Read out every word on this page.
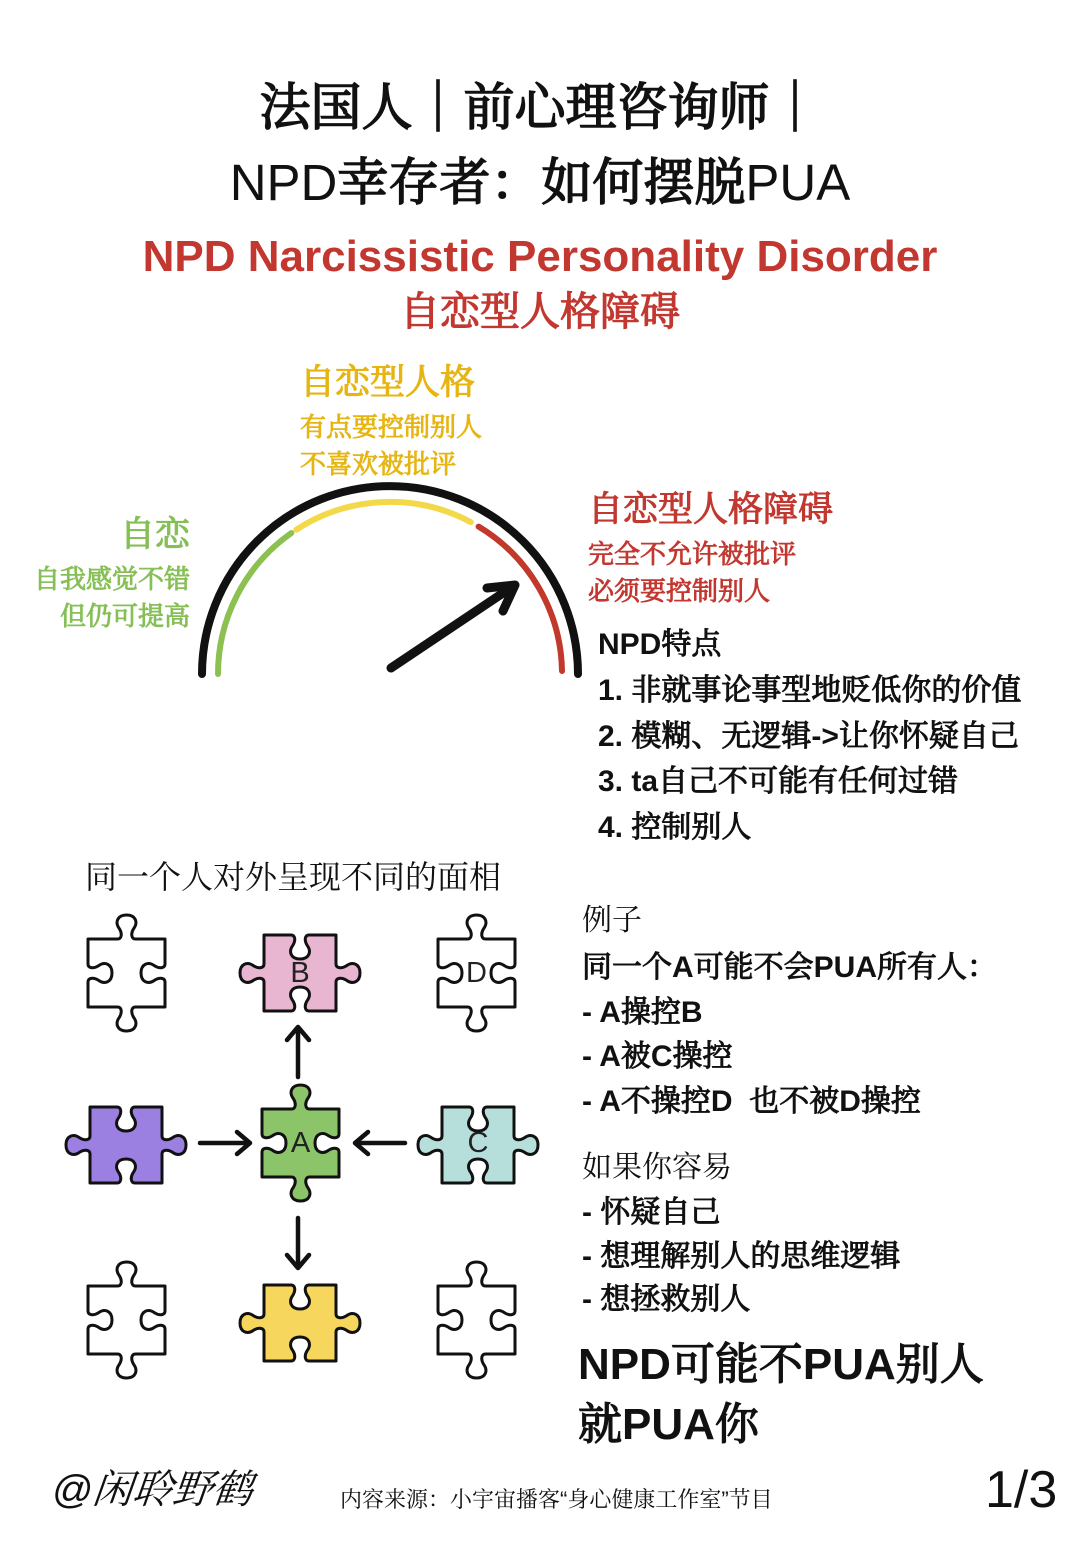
B	D
A	C
法国人｜前心理咨询师｜
NPD幸存者：如何摆脱PUA
NPD Narcissistic Personality Disorder
自恋型人格障碍
自恋
自我感觉不错
但仍可提高
自恋型人格
有点要控制别人
不喜欢被批评
自恋型人格障碍
完全不允许被批评
必须要控制别人
NPD特点
1. 非就事论事型地贬低你的价值
2. 模糊、无逻辑->让你怀疑自己
3. ta自己不可能有任何过错
4. 控制别人
同一个人对外呈现不同的面相
例子
同一个A可能不会PUA所有人：
- A操控B
- A被C操控
- A不操控D  也不被D操控
如果你容易
- 怀疑自己
- 想理解别人的思维逻辑
- 想拯救别人
NPD可能不PUA别人
就PUA你
@闲聆野鹤	内容来源：小宇宙播客“身心健康工作室”节目	1/3
